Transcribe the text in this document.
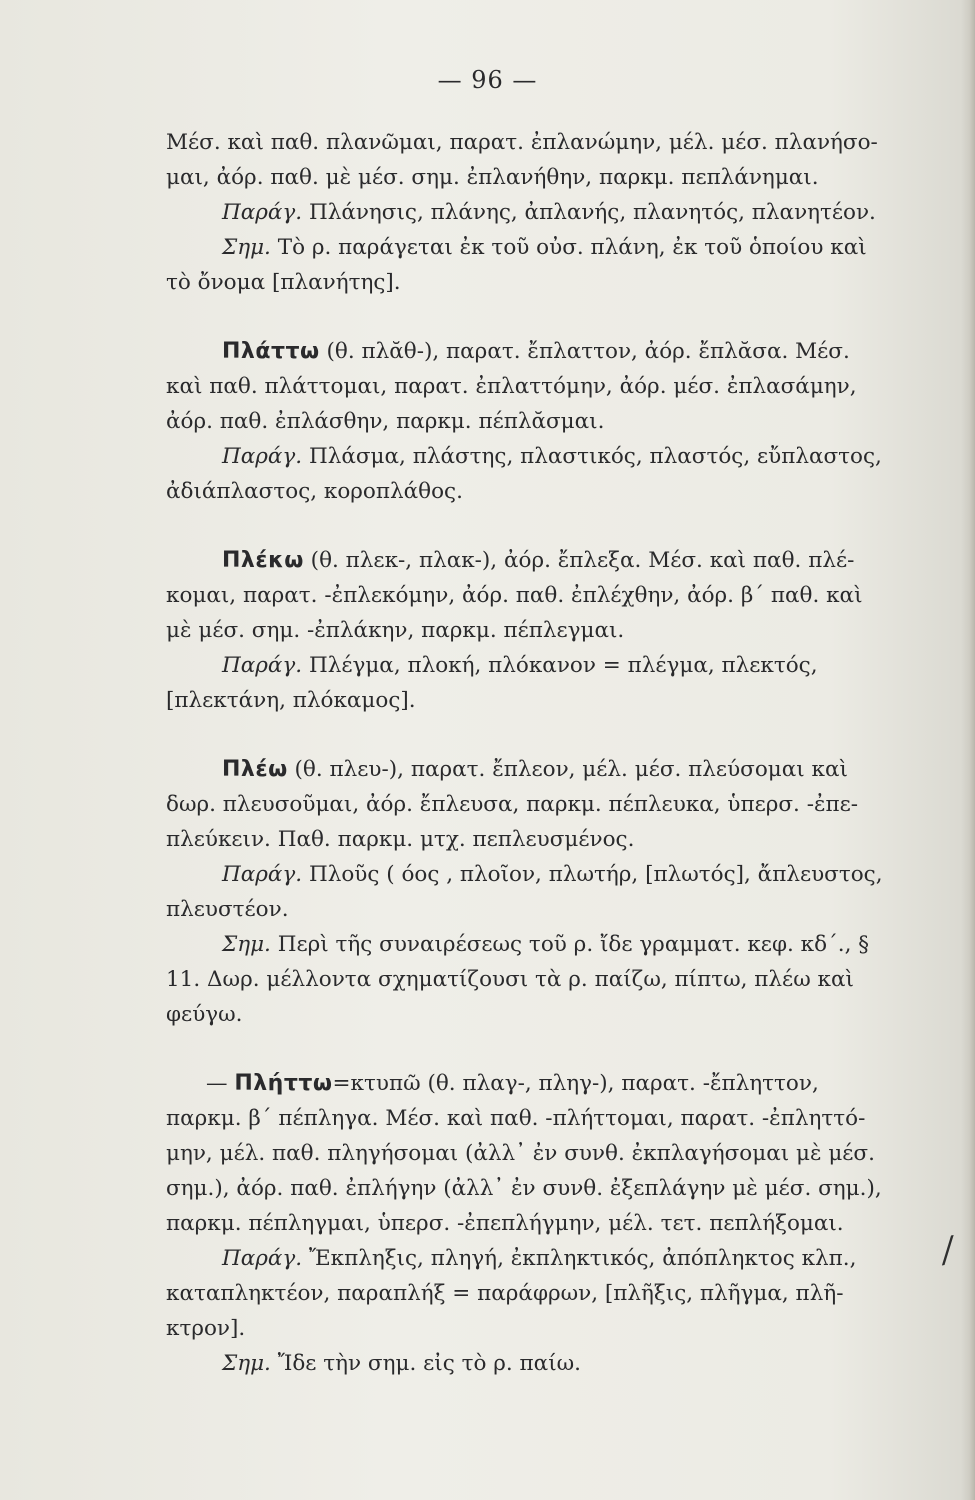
— 96 —
Μέσ. καὶ παθ. πλανῶμαι, παρατ. ἐπλανώμην, μέλ. μέσ. πλανήσο-
μαι, ἀόρ. παθ. μὲ μέσ. σημ. ἐπλανήθην, παρκμ. πεπλάνημαι.
Παράγ. Πλάνησις, πλάνης, ἀπλανής, πλανητός, πλανητέον.
Σημ. Τὸ ρ. παράγεται ἐκ τοῦ οὐσ. πλάνη, ἐκ τοῦ ὁποίου καὶ
τὸ ὄνομα [πλανήτης].
Πλάττω (θ. πλᾰθ-), παρατ. ἔπλαττον, ἀόρ. ἔπλᾰσα. Μέσ.
καὶ παθ. πλάττομαι, παρατ. ἐπλαττόμην, ἀόρ. μέσ. ἐπλασάμην,
ἀόρ. παθ. ἐπλάσθην, παρκμ. πέπλᾰσμαι.
Παράγ. Πλάσμα, πλάστης, πλαστικός, πλαστός, εὔπλαστος,
ἀδιάπλαστος, κοροπλάθος.
Πλέκω (θ. πλεκ-, πλακ-), ἀόρ. ἔπλεξα. Μέσ. καὶ παθ. πλέ-
κομαι, παρατ. -ἐπλεκόμην, ἀόρ. παθ. ἐπλέχθην, ἀόρ. β΄ παθ. καὶ
μὲ μέσ. σημ. -ἐπλάκην, παρκμ. πέπλεγμαι.
Παράγ. Πλέγμα, πλοκή, πλόκανον = πλέγμα, πλεκτός,
[πλεκτάνη, πλόκαμος].
Πλέω (θ. πλευ-), παρατ. ἔπλεον, μέλ. μέσ. πλεύσομαι καὶ
δωρ. πλευσοῦμαι, ἀόρ. ἔπλευσα, παρκμ. πέπλευκα, ὑπερσ. -ἐπε-
πλεύκειν. Παθ. παρκμ. μτχ. πεπλευσμένος.
Παράγ. Πλοῦς ( όος , πλοῖον, πλωτήρ, [πλωτός], ἄπλευστος,
πλευστέον.
Σημ. Περὶ τῆς συναιρέσεως τοῦ ρ. ἴδε γραμματ. κεφ. κδ΄., §
11. Δωρ. μέλλοντα σχηματίζουσι τὰ ρ. παίζω, πίπτω, πλέω καὶ
φεύγω.
— Πλήττω=κτυπῶ (θ. πλαγ-, πληγ-), παρατ. -ἔπληττον,
παρκμ. β΄ πέπληγα. Μέσ. καὶ παθ. -πλήττομαι, παρατ. -ἐπληττό-
μην, μέλ. παθ. πληγήσομαι (ἀλλ᾽ ἐν συνθ. ἐκπλαγήσομαι μὲ μέσ.
σημ.), ἀόρ. παθ. ἐπλήγην (ἀλλ᾽ ἐν συνθ. ἐξεπλάγην μὲ μέσ. σημ.),
παρκμ. πέπληγμαι, ὑπερσ. -ἐπεπλήγμην, μέλ. τετ. πεπλήξομαι.
Παράγ. Ἔκπληξις, πληγή, ἐκπληκτικός, ἀπόπληκτος κλπ.,
καταπληκτέον, παραπλήξ = παράφρων, [πλῆξις, πλῆγμα, πλῆ-
κτρον].
Σημ. Ἴδε τὴν σημ. εἰς τὸ ρ. παίω.
/
